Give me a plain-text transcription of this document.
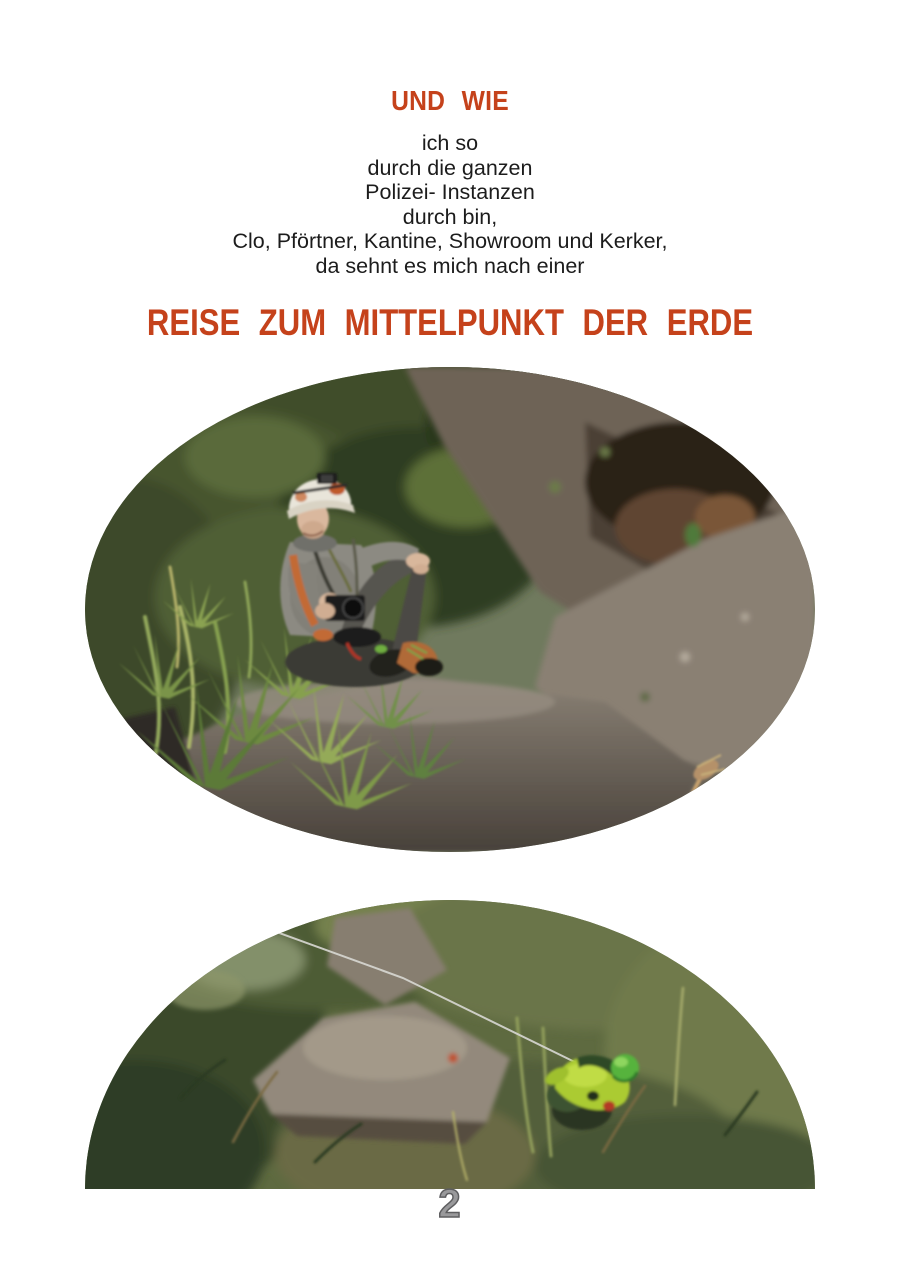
UND WIE
ich so
durch die ganzen
Polizei- Instanzen
durch bin,
Clo, Pförtner, Kantine, Showroom und Kerker,
da sehnt es mich nach einer
REISE ZUM MITTELPUNKT DER ERDE
2
